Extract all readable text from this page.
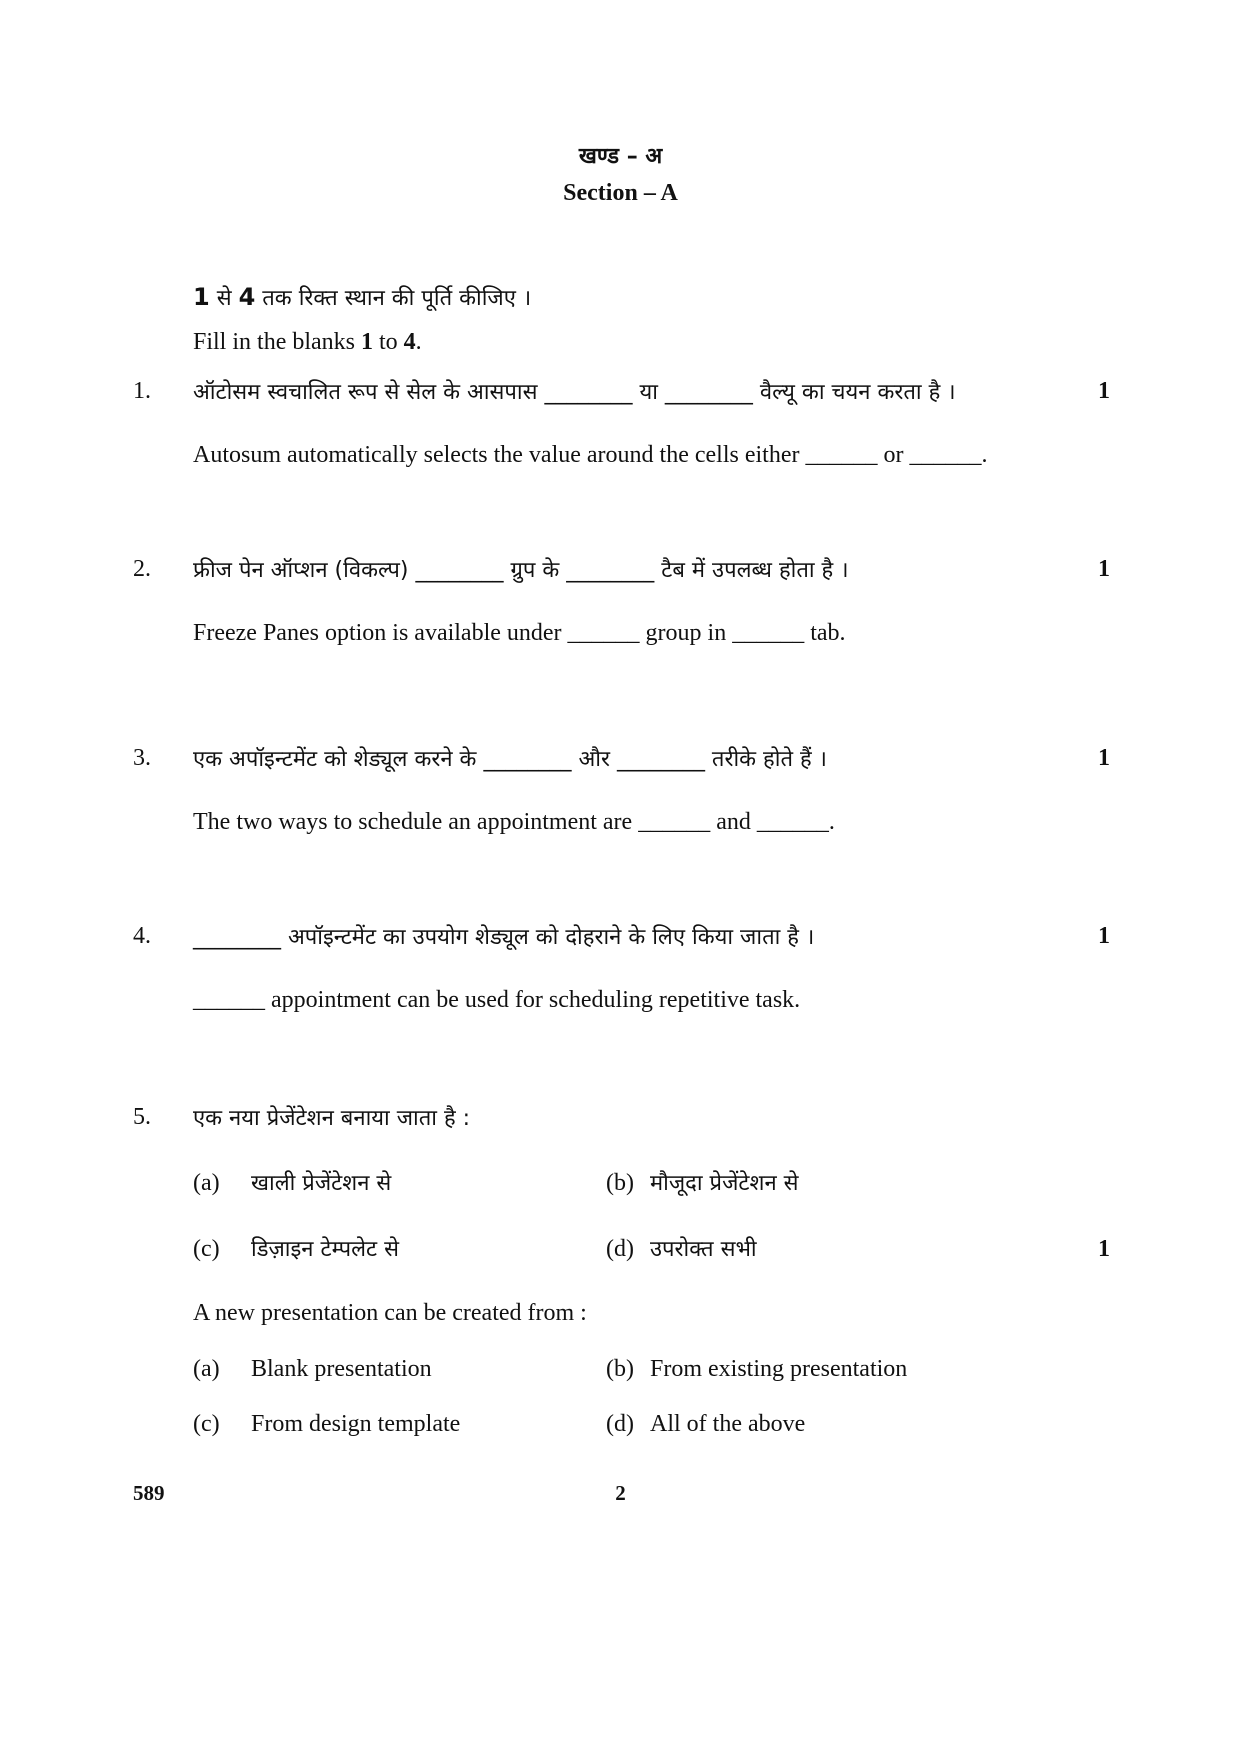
खण्ड – अ
Section – A
1 से 4 तक रिक्त स्थान की पूर्ति कीजिए ।
Fill in the blanks 1 to 4.
1. ऑटोसम स्वचालित रूप से सेल के आसपास ________ या ________ वैल्यू का चयन करता है ।	1
Autosum automatically selects the value around the cells either ______ or ______.
2. फ्रीज पेन ऑप्शन (विकल्प) ________ ग्रुप के ________ टैब में उपलब्ध होता है ।	1
Freeze Panes option is available under ______ group in ______ tab.
3. एक अपॉइन्टमेंट को शेड्यूल करने के ________ और ________ तरीके होते हैं ।	1
The two ways to schedule an appointment are ______ and ______.
4. ________ अपॉइन्टमेंट का उपयोग शेड्यूल को दोहराने के लिए किया जाता है ।	1
______ appointment can be used for scheduling repetitive task.
5. एक नया प्रेजेंटेशन बनाया जाता है :
(a) खाली प्रेजेंटेशन से	(b) मौजूदा प्रेजेंटेशन से
(c) डिज़ाइन टेम्पलेट से	(d) उपरोक्त सभी	1
A new presentation can be created from :
(a) Blank presentation	(b) From existing presentation
(c) From design template	(d) All of the above
589	2
